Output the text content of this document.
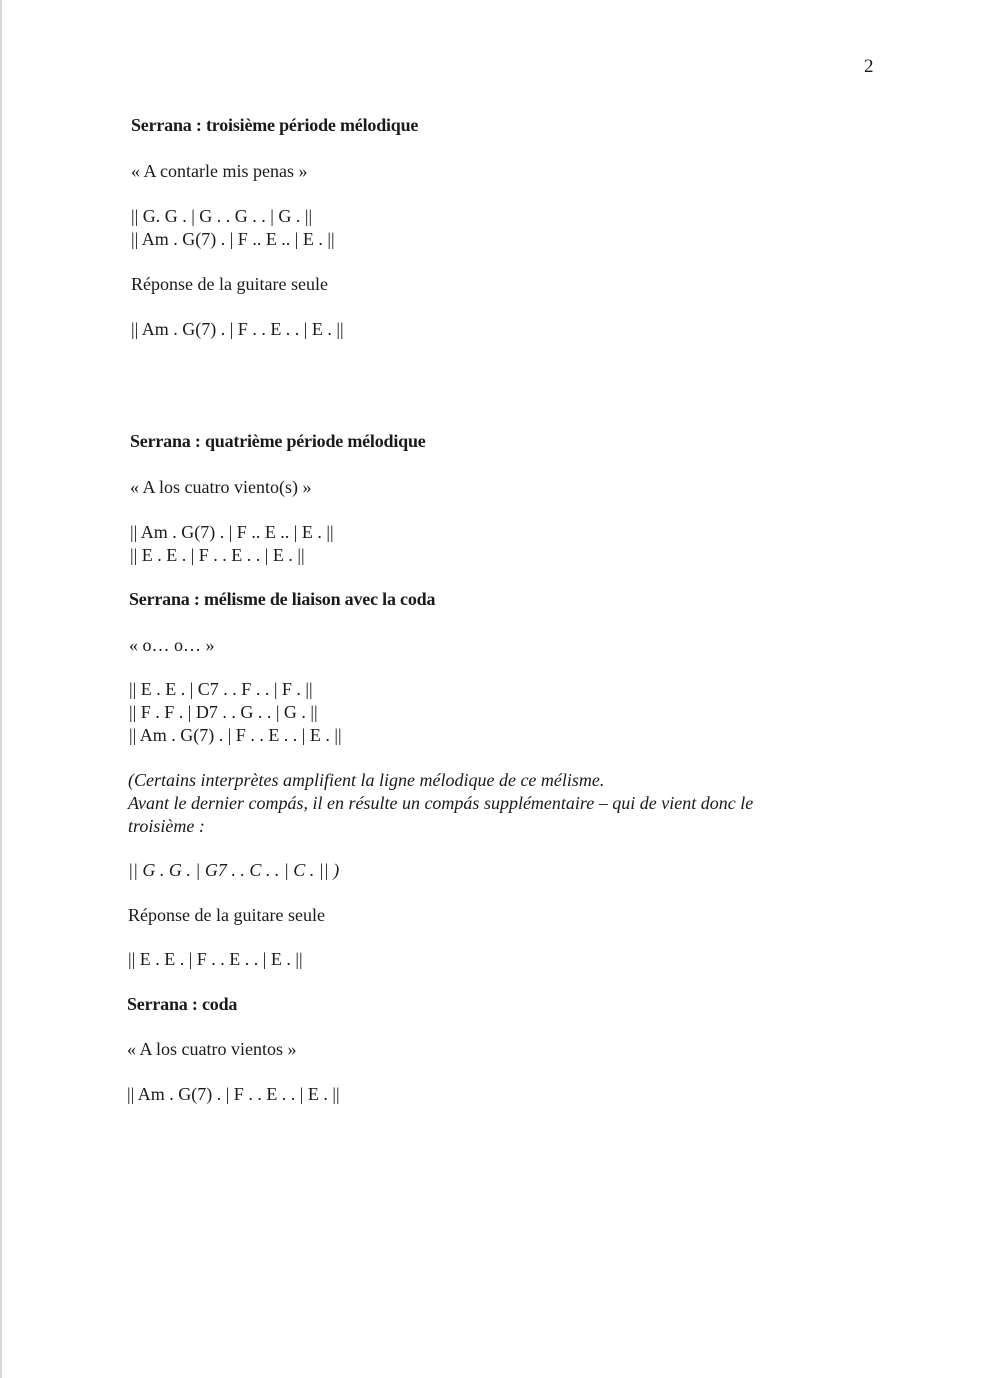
2
Serrana : troisième période mélodique
« A contarle mis penas »
|| G. G . | G . . G . . | G . ||
|| Am . G(7) . | F .. E .. | E . ||
Réponse de la guitare seule
|| Am . G(7) . | F . . E . . | E . ||
Serrana : quatrième période mélodique
« A los cuatro viento(s) »
|| Am . G(7) . | F .. E .. | E . ||
|| E . E . | F . . E . . | E . ||
Serrana : mélisme de liaison avec la coda
« o… o… »
|| E . E . | C7 . . F . . | F . ||
|| F . F . | D7 . . G . . | G . ||
|| Am . G(7) . | F . . E . . | E . ||
(Certains interprètes amplifient la ligne mélodique de ce mélisme.
Avant le dernier compás, il en résulte un compás supplémentaire – qui de vient donc le
troisième :
|| G . G . | G7 . . C . . | C . || )
Réponse de la guitare seule
|| E . E . | F . . E . . | E . ||
Serrana : coda
« A los cuatro vientos »
|| Am . G(7) . | F . . E . . | E . ||
